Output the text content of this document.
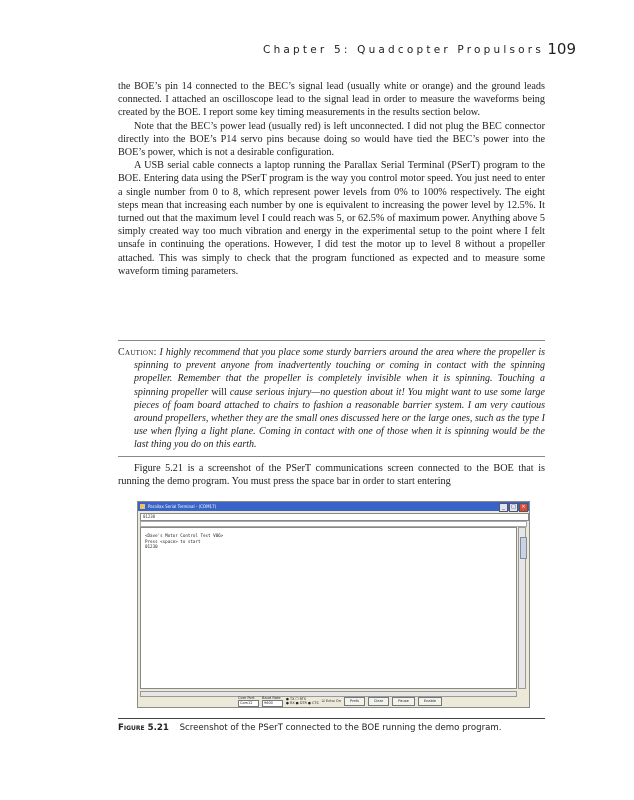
Chapter 5: Quadcopter Propulsors 109

the BOE’s pin 14 connected to the BEC’s signal lead (usually white or orange) and the ground leads connected. I attached an oscilloscope lead to the signal lead in order to measure the waveforms being created by the BOE. I report some key timing measurements in the results section below.

Note that the BEC’s power lead (usually red) is left unconnected. I did not plug the BEC connector directly into the BOE’s P14 servo pins because doing so would have tied the BEC’s power into the BOE’s power, which is not a desirable configuration.

A USB serial cable connects a laptop running the Parallax Serial Terminal (PSerT) program to the BOE. Entering data using the PSerT program is the way you control motor speed. You just need to enter a single number from 0 to 8, which represent power levels from 0% to 100% respectively. The eight steps mean that increasing each number by one is equivalent to increasing the power level by 12.5%. It turned out that the maximum level I could reach was 5, or 62.5% of maximum power. Anything above 5 simply created way too much vibration and energy in the experimental setup to the point where I felt unsafe in continuing the operations. However, I did test the motor up to level 8 without a propeller attached. This was simply to check that the program functioned as expected and to measure some waveform timing parameters.

Caution: I highly recommend that you place some sturdy barriers around the area where the propeller is spinning to prevent anyone from inadvertently touching or coming in contact with the spinning propeller. Remember that the propeller is completely invisible when it is spinning. Touching a spinning propeller will cause serious injury—no question about it! You might want to use some large pieces of foam board attached to chairs to fashion a reasonable barrier system. I am very cautious around propellers, whether they are the small ones discussed here or the large ones, such as the type I use when flying a light plane. Coming in contact with one of those when it is spinning would be the last thing you do on this earth.
Figure 5.21 is a screenshot of the PSerT communications screen connected to the BOE that is running the demo program. You must press the space bar in order to start entering
Parallax Serial Terminal - (COM17)	_	□	×
01230
<Dave's Motor Control Test V06>
Press <space> to start
01230
Com Port
Com12
Baud Rate
9600
● TX ☐ RTS
● RX ● DTR ● CTS ☑ Echo On	Prefs	Clear	Pause	Enable
Figure 5.21 Screenshot of the PSerT connected to the BOE running the demo program.
